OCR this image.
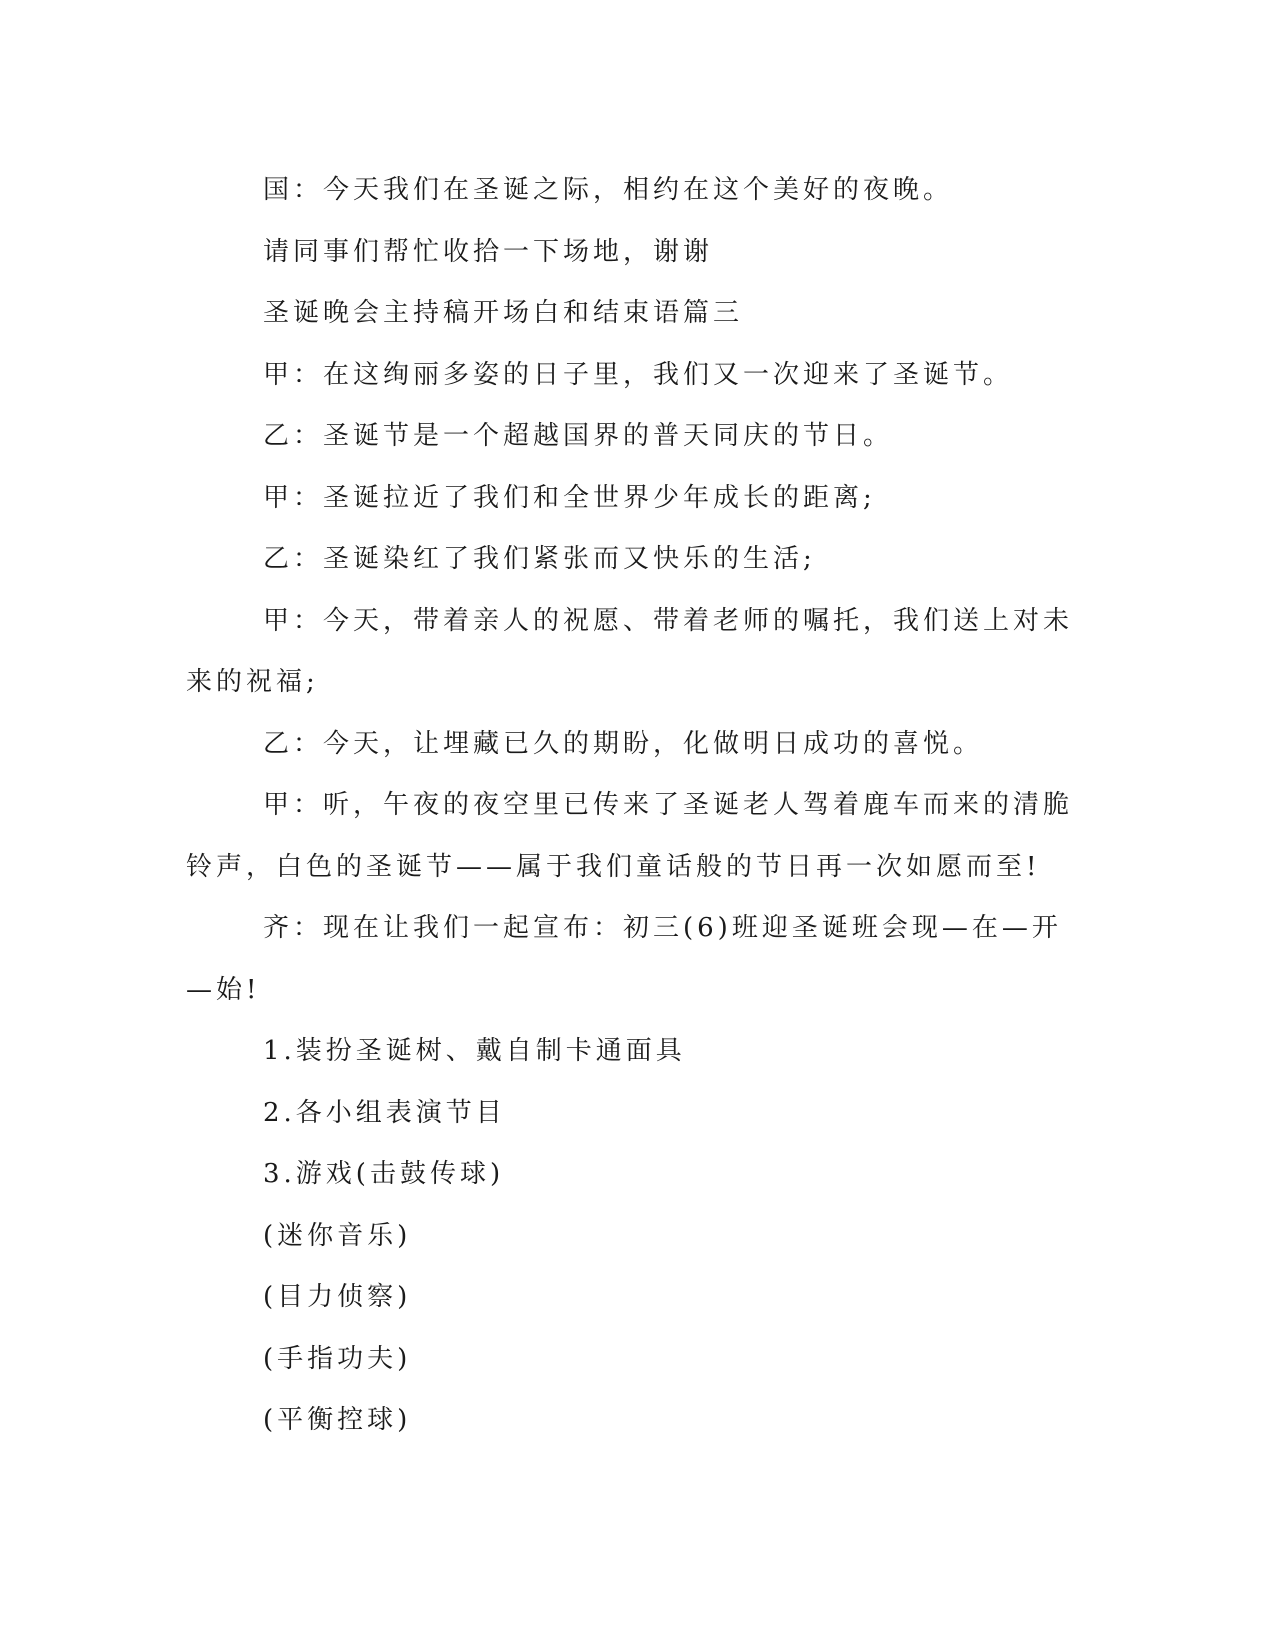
国：今天我们在圣诞之际，相约在这个美好的夜晚。

请同事们帮忙收拾一下场地，谢谢

圣诞晚会主持稿开场白和结束语篇三

甲：在这绚丽多姿的日子里，我们又一次迎来了圣诞节。

乙：圣诞节是一个超越国界的普天同庆的节日。

甲：圣诞拉近了我们和全世界少年成长的距离;

乙：圣诞染红了我们紧张而又快乐的生活;

甲：今天，带着亲人的祝愿、带着老师的嘱托，我们送上对未来的祝福;

乙：今天，让埋藏已久的期盼，化做明日成功的喜悦。

甲：听，午夜的夜空里已传来了圣诞老人驾着鹿车而来的清脆铃声，白色的圣诞节——属于我们童话般的节日再一次如愿而至!

齐：现在让我们一起宣布：初三(6)班迎圣诞班会现—在—开—始!

1.装扮圣诞树、戴自制卡通面具

2.各小组表演节目

3.游戏(击鼓传球)

(迷你音乐)

(目力侦察)

(手指功夫)

(平衡控球)
